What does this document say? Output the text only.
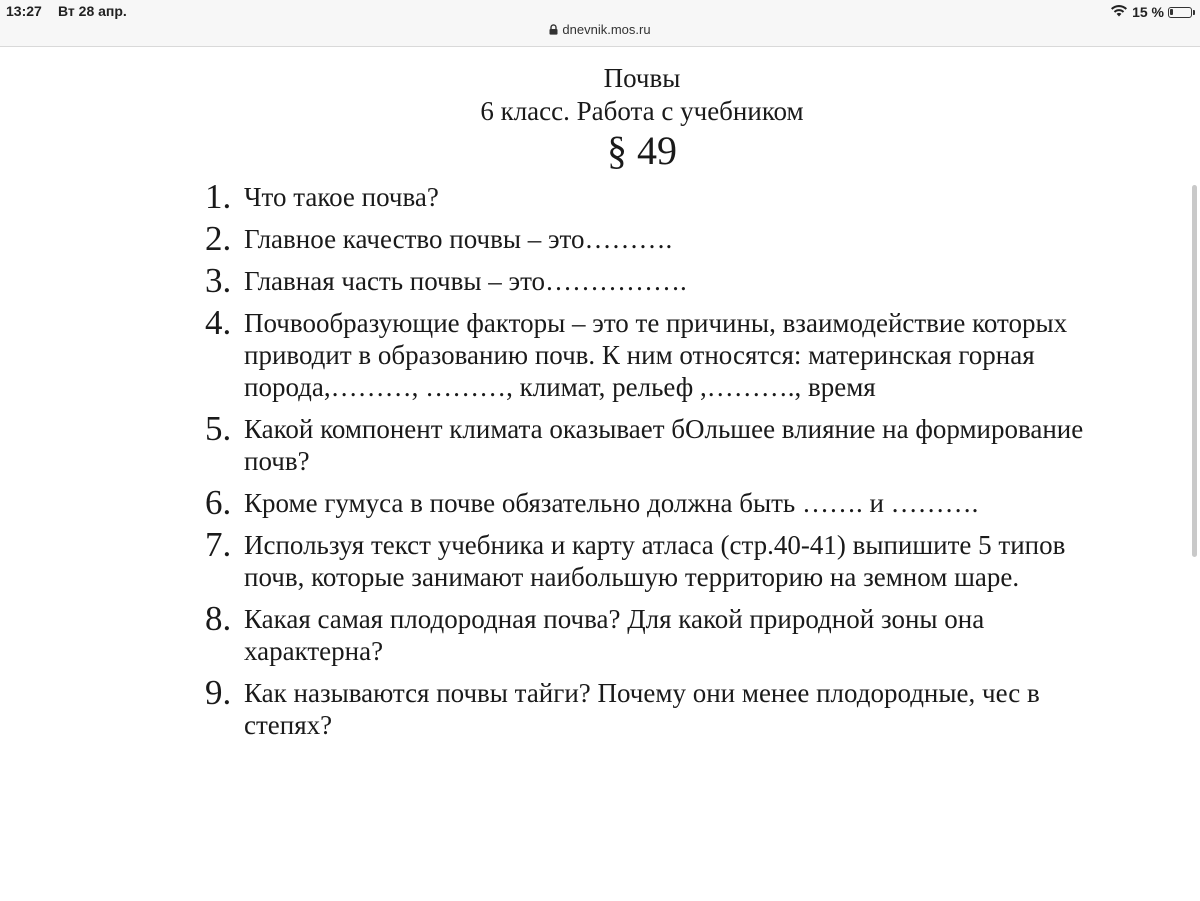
13:27 Вт 28 апр.	15 %
dnevnik.mos.ru
Почвы
6 класс. Работа с учебником
§ 49
1. Что такое почва?
2. Главное качество почвы – это……….
3. Главная часть почвы – это…………….
4. Почвообразующие факторы – это те причины, взаимодействие которых приводит в образованию почв. К ним относятся: материнская горная порода,………, ………, климат, рельеф ,………., время
5. Какой компонент климата оказывает бОльшее влияние на формирование почв?
6. Кроме гумуса в почве обязательно должна быть ……. и ……….
7. Используя текст учебника и карту атласа (стр.40-41) выпишите 5 типов почв, которые занимают наибольшую территорию на земном шаре.
8. Какая самая плодородная почва? Для какой природной зоны она характерна?
9. Как называются почвы тайги? Почему они менее плодородные, чес в степях?
